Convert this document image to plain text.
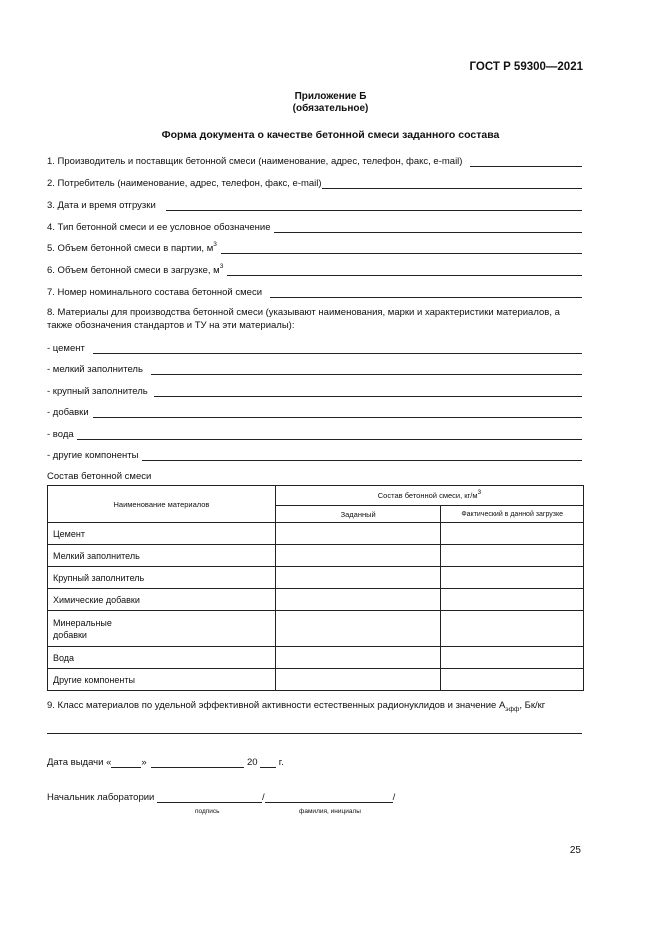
ГОСТ Р 59300—2021
Приложение Б
(обязательное)
Форма документа о качестве бетонной смеси заданного состава
1. Производитель и поставщик бетонной смеси (наименование, адрес, телефон, факс, e-mail)
2. Потребитель (наименование, адрес, телефон, факс, e-mail)
3. Дата и время отгрузки
4. Тип бетонной смеси и ее условное обозначение
5. Объем бетонной смеси в партии, $м^3$
6. Объем бетонной смеси в загрузке, $м^3$
7. Номер номинального состава бетонной смеси
8. Материалы для производства бетонной смеси (указывают наименования, марки и характеристики материалов, а также обозначения стандартов и ТУ на эти материалы):
- цемент
- мелкий заполнитель
- крупный заполнитель
- добавки
- вода
- другие компоненты
Состав бетонной смеси
Наименование материалов	Состав бетонной смеси, $кг/м^3$
	Заданный	Фактический в данной загрузке
Цемент		
Мелкий заполнитель		
Крупный заполнитель		
Химические добавки		
Минеральные добавки		
Вода		
Другие компоненты		
9. Класс материалов по удельной эффективной активности естественных радионуклидов и значение $А_{эфф}$, Бк/кг
Дата выдачи «	»	20 г.
Начальник лаборатории	/	/
подпись	фамилия, инициалы
25
